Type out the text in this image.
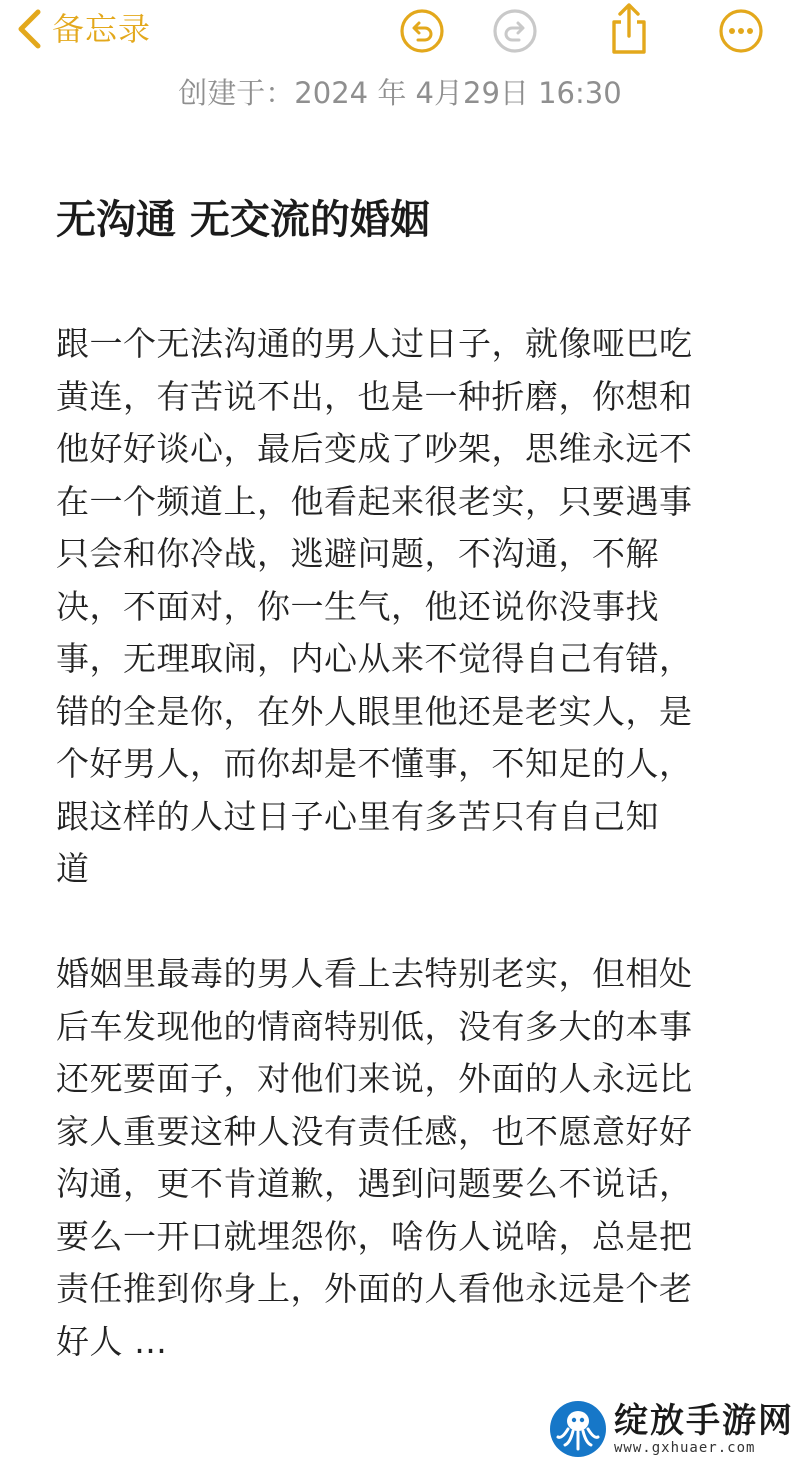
备忘录
创建于：2024 年 4月29日 16:30
无沟通 无交流的婚姻

跟一个无法沟通的男人过日子，就像哑巴吃
黄连，有苦说不出，也是一种折磨，你想和
他好好谈心，最后变成了吵架，思维永远不
在一个频道上，他看起来很老实，只要遇事
只会和你冷战，逃避问题，不沟通，不解
决，不面对，你一生气，他还说你没事找
事，无理取闹，内心从来不觉得自己有错，
错的全是你，在外人眼里他还是老实人，是
个好男人，而你却是不懂事，不知足的人，
跟这样的人过日子心里有多苦只有自己知
道

婚姻里最毒的男人看上去特别老实，但相处
后车发现他的情商特别低，没有多大的本事
还死要面子，对他们来说，外面的人永远比
家人重要这种人没有责任感，也不愿意好好
沟通，更不肯道歉，遇到问题要么不说话，
要么一开口就埋怨你，啥伤人说啥，总是把
责任推到你身上，外面的人看他永远是个老
好人 …

绽放手游网
www.gxhuaer.com
